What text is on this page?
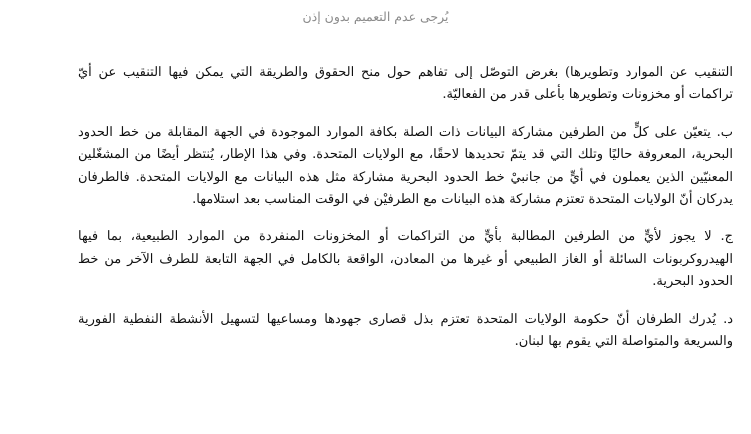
يُرجى عدم التعميم بدون إذن

التنقيب عن الموارد وتطويرها) بغرض التوصّل إلى تفاهم حول منح الحقوق والطريقة التي يمكن فيها التنقيب عن أيّ تراكمات أو مخزونات وتطويرها بأعلى قدر من الفعاليّة.

ب. يتعيّن على كلٍّ من الطرفين مشاركة البيانات ذات الصلة بكافة الموارد الموجودة في الجهة المقابلة من خط الحدود البحرية، المعروفة حاليًا وتلك التي قد يتمّ تحديدها لاحقًا، مع الولايات المتحدة. وفي هذا الإطار، يُنتظر أيضًا من المشغّلين المعنيّين الذين يعملون في أيٍّ من جانبيْ خط الحدود البحرية مشاركة مثل هذه البيانات مع الولايات المتحدة. فالطرفان يدركان أنّ الولايات المتحدة تعتزم مشاركة هذه البيانات مع الطرفيْن في الوقت المناسب بعد استلامها.

ج. لا يجوز لأيٍّ من الطرفين المطالبة بأيٍّ من التراكمات أو المخزونات المنفردة من الموارد الطبيعية، بما فيها الهيدروكربونات السائلة أو الغاز الطبيعي أو غيرها من المعادن، الواقعة بالكامل في الجهة التابعة للطرف الآخر من خط الحدود البحرية.

د. يُدرك الطرفان أنّ حكومة الولايات المتحدة تعتزم بذل قصارى جهودها ومساعيها لتسهيل الأنشطة النفطية الفورية والسريعة والمتواصلة التي يقوم بها لبنان.
